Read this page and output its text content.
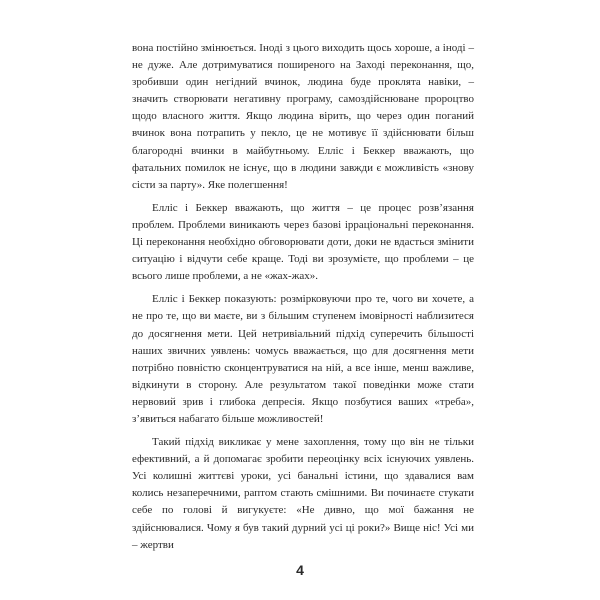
вона постійно змінюється. Іноді з цього виходить щось хороше, а іноді – не дуже. Але дотримуватися поширеного на Заході переконання, що, зробивши один негідний вчинок, людина буде проклята навіки, – значить створювати негативну програму, самоздійснюване пророцтво щодо власного життя. Якщо людина вірить, що через один поганий вчинок вона потрапить у пекло, це не мотивує її здійснювати більш благородні вчинки в майбутньому. Елліс і Беккер вважають, що фатальних помилок не існує, що в людини завжди є можливість «знову сісти за парту». Яке полегшення!

Елліс і Беккер вважають, що життя – це процес розв’язання проблем. Проблеми виникають через базові ірраціональні переконання. Ці переконання необхідно обговорювати доти, доки не вдасться змінити ситуацію і відчути себе краще. Тоді ви зрозумієте, що проблеми – це всього лише проблеми, а не «жах-жах».

Елліс і Беккер показують: розмірковуючи про те, чого ви хочете, а не про те, що ви маєте, ви з більшим ступенем імовірності наблизитеся до досягнення мети. Цей нетривіальний підхід суперечить більшості наших звичних уявлень: чомусь вважається, що для досягнення мети потрібно повністю сконцентруватися на ній, а все інше, менш важливе, відкинути в сторону. Але результатом такої поведінки може стати нервовий зрив і глибока депресія. Якщо позбутися ваших «треба», з’явиться набагато більше можливостей!

Такий підхід викликає у мене захоплення, тому що він не тільки ефективний, а й допомагає зробити переоцінку всіх існуючих уявлень. Усі колишні життєві уроки, усі банальні істини, що здавалися вам колись незаперечними, раптом стають смішними. Ви починаєте стукати себе по голові й вигукуєте: «Не дивно, що мої бажання не здійснювалися. Чому я був такий дурний усі ці роки?» Вище ніс! Усі ми – жертви

4
